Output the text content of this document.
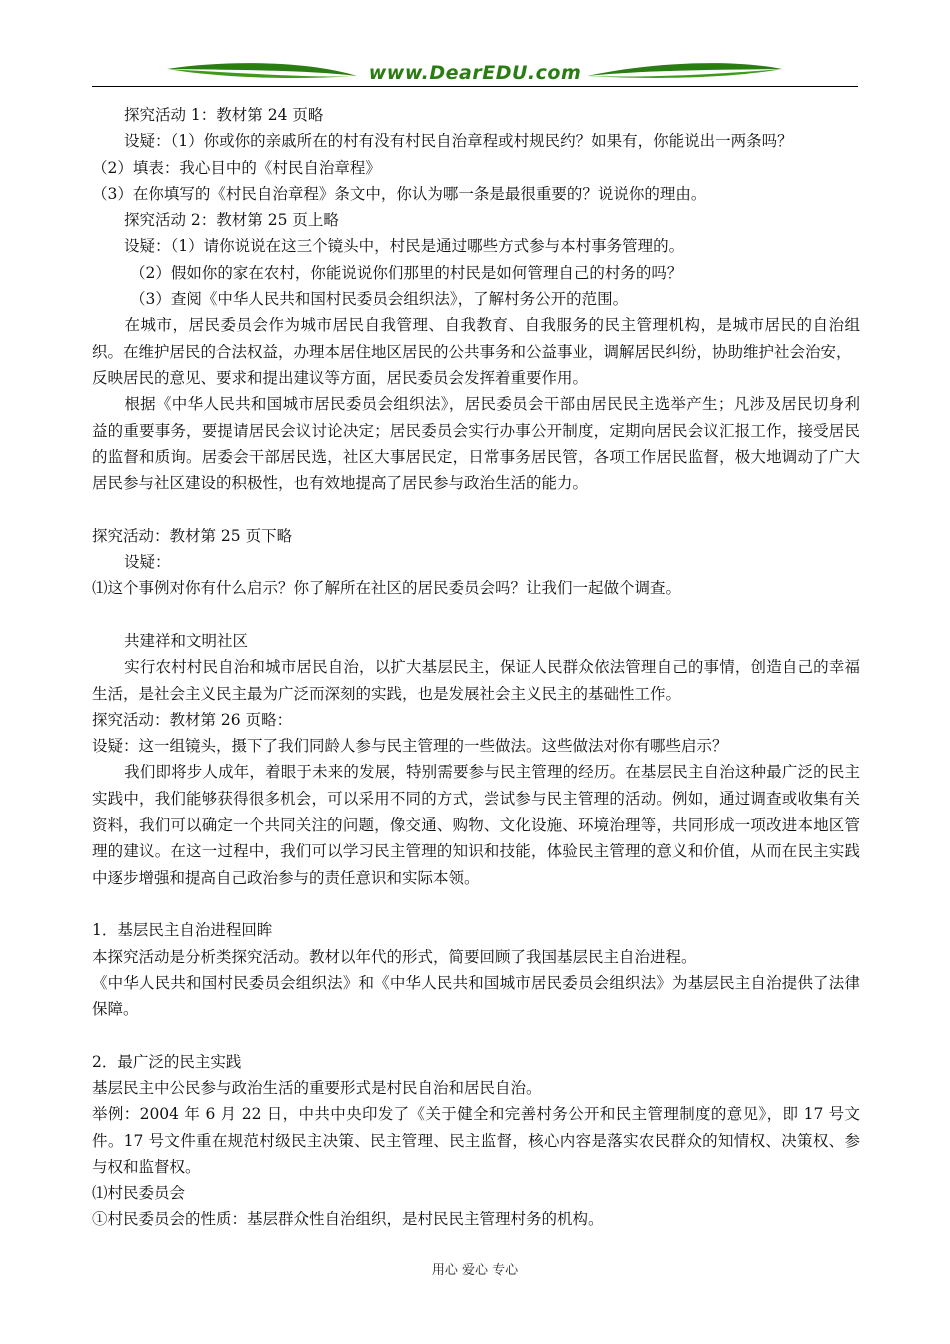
www.DearEDU.com

探究活动 1：教材第 24 页略

设疑：（1）你或你的亲戚所在的村有没有村民自治章程或村规民约？如果有，你能说出一两条吗？

（2）填表：我心目中的《村民自治章程》

（3）在你填写的《村民自治章程》条文中，你认为哪一条是最很重要的？说说你的理由。

探究活动 2：教材第 25 页上略

设疑：（1）请你说说在这三个镜头中，村民是通过哪些方式参与本村事务管理的。

（2）假如你的家在农村，你能说说你们那里的村民是如何管理自己的村务的吗？

（3）查阅《中华人民共和国村民委员会组织法》，了解村务公开的范围。

在城市，居民委员会作为城市居民自我管理、自我教育、自我服务的民主管理机构，是城市居民的自治组织。在维护居民的合法权益，办理本居住地区居民的公共事务和公益事业，调解居民纠纷，协助维护社会治安，

反映居民的意见、要求和提出建议等方面，居民委员会发挥着重要作用。

根据《中华人民共和国城市居民委员会组织法》，居民委员会干部由居民民主选举产生；凡涉及居民切身利益的重要事务，要提请居民会议讨论决定；居民委员会实行办事公开制度，定期向居民会议汇报工作，接受居民的监督和质询。居委会干部居民选，社区大事居民定，日常事务居民管，各项工作居民监督，极大地调动了广大居民参与社区建设的积极性，也有效地提高了居民参与政治生活的能力。

探究活动：教材第 25 页下略

设疑：

⑴这个事例对你有什么启示？你了解所在社区的居民委员会吗？让我们一起做个调查。

共建祥和文明社区

实行农村村民自治和城市居民自治，以扩大基层民主，保证人民群众依法管理自己的事情，创造自己的幸福生活，是社会主义民主最为广泛而深刻的实践，也是发展社会主义民主的基础性工作。

探究活动：教材第 26 页略：

设疑：这一组镜头，摄下了我们同龄人参与民主管理的一些做法。这些做法对你有哪些启示？

我们即将步人成年，着眼于未来的发展，特别需要参与民主管理的经历。在基层民主自治这种最广泛的民主实践中，我们能够获得很多机会，可以采用不同的方式，尝试参与民主管理的活动。例如，通过调查或收集有关资料，我们可以确定一个共同关注的问题，像交通、购物、文化设施、环境治理等，共同形成一项改进本地区管理的建议。在这一过程中，我们可以学习民主管理的知识和技能，体验民主管理的意义和价值，从而在民主实践中逐步增强和提高自己政治参与的责任意识和实际本领。

1．基层民主自治进程回眸

本探究活动是分析类探究活动。教材以年代的形式，简要回顾了我国基层民主自治进程。

《中华人民共和国村民委员会组织法》和《中华人民共和国城市居民委员会组织法》为基层民主自治提供了法律保障。

2．最广泛的民主实践

基层民主中公民参与政治生活的重要形式是村民自治和居民自治。

举例：2004 年 6 月 22 日，中共中央印发了《关于健全和完善村务公开和民主管理制度的意见》，即 17 号文件。17 号文件重在规范村级民主决策、民主管理、民主监督，核心内容是落实农民群众的知情权、决策权、参与权和监督权。

⑴村民委员会

①村民委员会的性质：基层群众性自治组织，是村民民主管理村务的机构。

用心 爱心 专心
